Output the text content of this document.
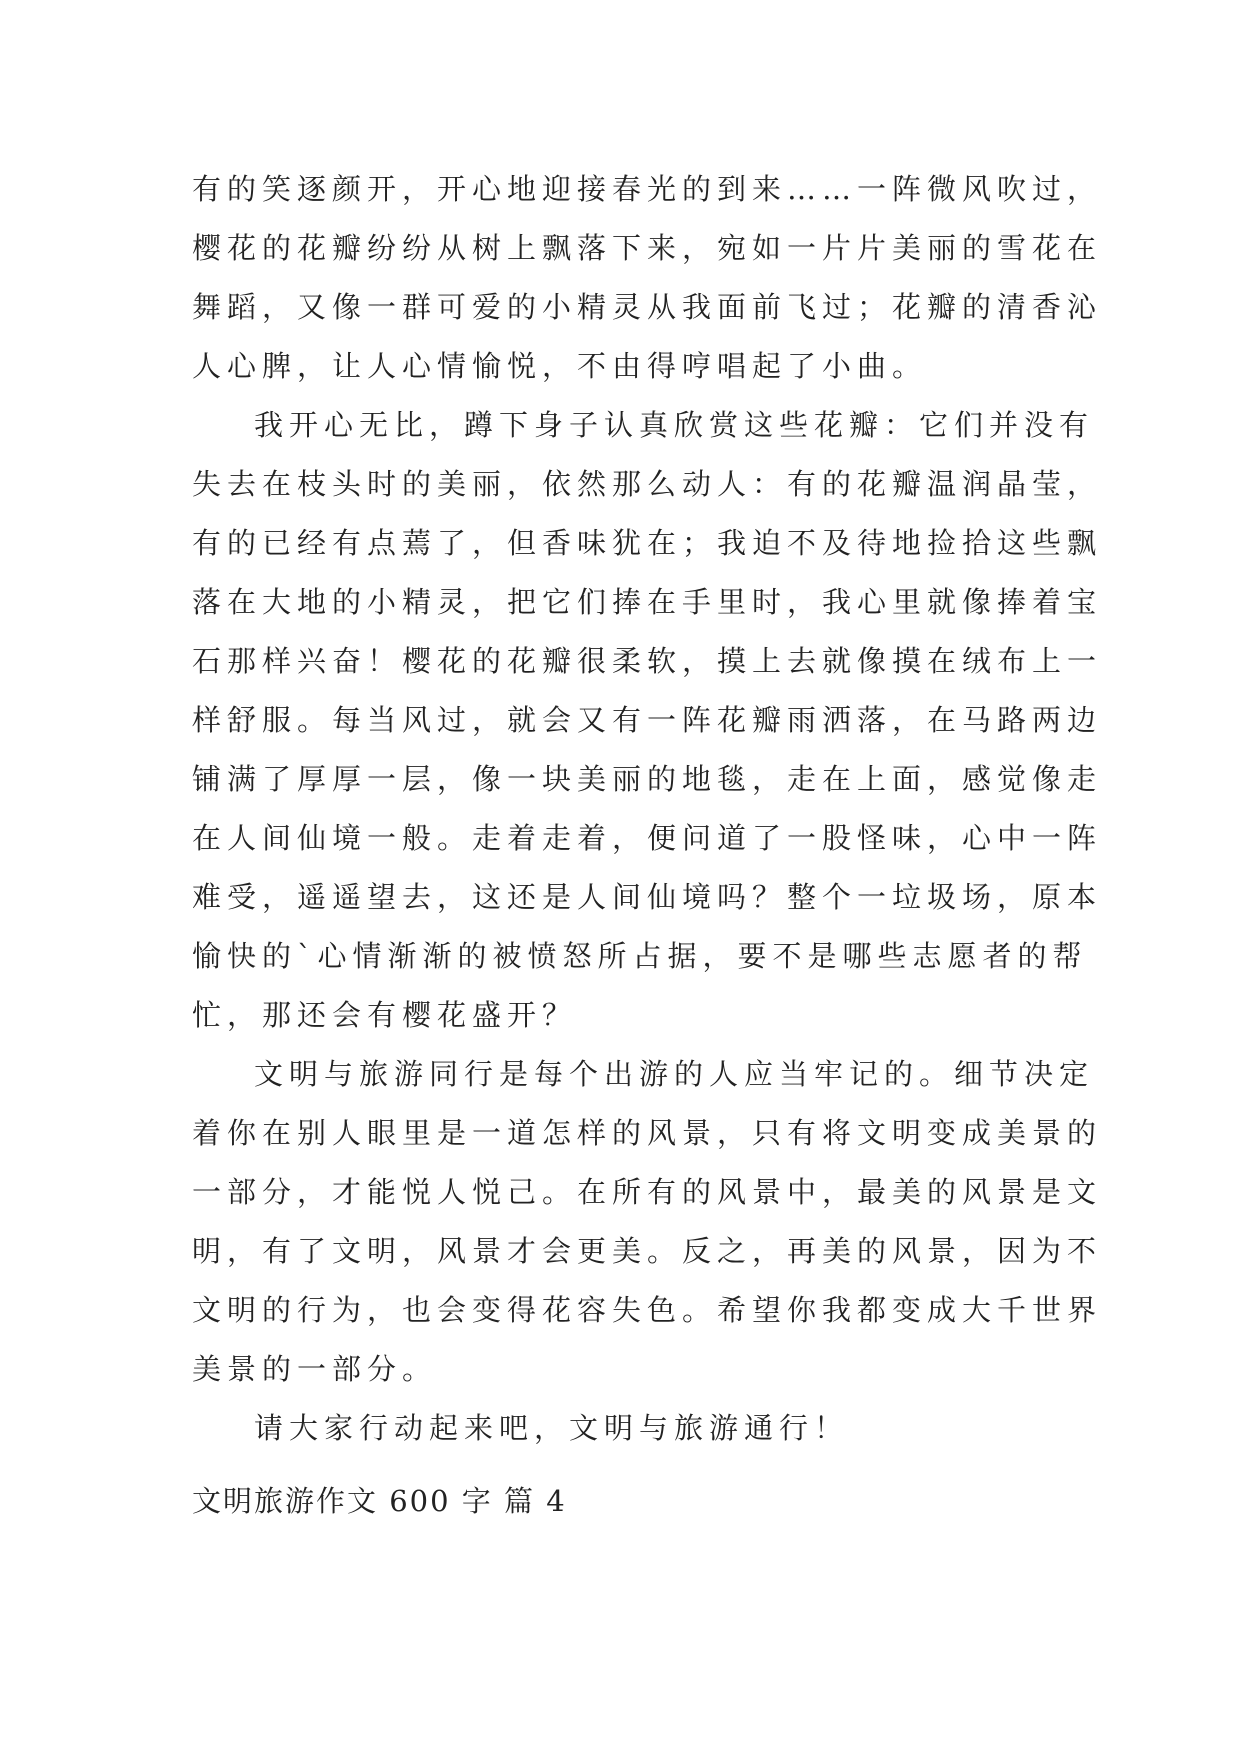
有的笑逐颜开，开心地迎接春光的到来……一阵微风吹过，
樱花的花瓣纷纷从树上飘落下来，宛如一片片美丽的雪花在
舞蹈，又像一群可爱的小精灵从我面前飞过；花瓣的清香沁
人心脾，让人心情愉悦，不由得哼唱起了小曲。
我开心无比，蹲下身子认真欣赏这些花瓣：它们并没有
失去在枝头时的美丽，依然那么动人：有的花瓣温润晶莹，
有的已经有点蔫了，但香味犹在；我迫不及待地捡拾这些飘
落在大地的小精灵，把它们捧在手里时，我心里就像捧着宝
石那样兴奋！樱花的花瓣很柔软，摸上去就像摸在绒布上一
样舒服。每当风过，就会又有一阵花瓣雨洒落，在马路两边
铺满了厚厚一层，像一块美丽的地毯，走在上面，感觉像走
在人间仙境一般。走着走着，便问道了一股怪味，心中一阵
难受，遥遥望去，这还是人间仙境吗？整个一垃圾场，原本
愉快的`心情渐渐的被愤怒所占据，要不是哪些志愿者的帮
忙，那还会有樱花盛开？
文明与旅游同行是每个出游的人应当牢记的。细节决定
着你在别人眼里是一道怎样的风景，只有将文明变成美景的
一部分，才能悦人悦己。在所有的风景中，最美的风景是文
明，有了文明，风景才会更美。反之，再美的风景，因为不
文明的行为，也会变得花容失色。希望你我都变成大千世界
美景的一部分。
请大家行动起来吧，文明与旅游通行！
文明旅游作文 600 字 篇 4
